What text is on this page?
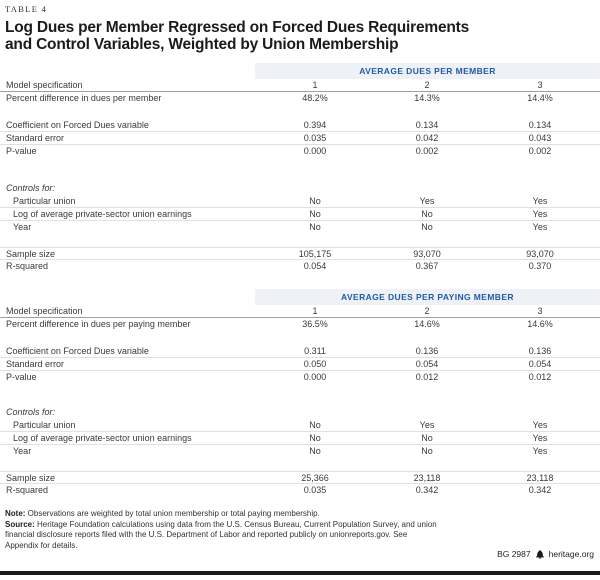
TABLE 4
Log Dues per Member Regressed on Forced Dues Requirements
and Control Variables, Weighted by Union Membership
AVERAGE DUES PER MEMBER
Model specification	1	2	3
Percent difference in dues per member	48.2%	14.3%	14.4%
Coefficient on Forced Dues variable	0.394	0.134	0.134
Standard error	0.035	0.042	0.043
P-value	0.000	0.002	0.002
Controls for:
Particular union	No	Yes	Yes
Log of average private-sector union earnings	No	No	Yes
Year	No	No	Yes
Sample size	105,175	93,070	93,070
R-squared	0.054	0.367	0.370
AVERAGE DUES PER PAYING MEMBER
Model specification	1	2	3
Percent difference in dues per paying member	36.5%	14.6%	14.6%
Coefficient on Forced Dues variable	0.311	0.136	0.136
Standard error	0.050	0.054	0.054
P-value	0.000	0.012	0.012
Controls for:
Particular union	No	Yes	Yes
Log of average private-sector union earnings	No	No	Yes
Year	No	No	Yes
Sample size	25,366	23,118	23,118
R-squared	0.035	0.342	0.342
Note: Observations are weighted by total union membership or total paying membership.
Source: Heritage Foundation calculations using data from the U.S. Census Bureau, Current Population Survey, and union financial disclosure reports filed with the U.S. Department of Labor and reported publicly on unionreports.gov. See Appendix for details.
BG 2987 heritage.org
